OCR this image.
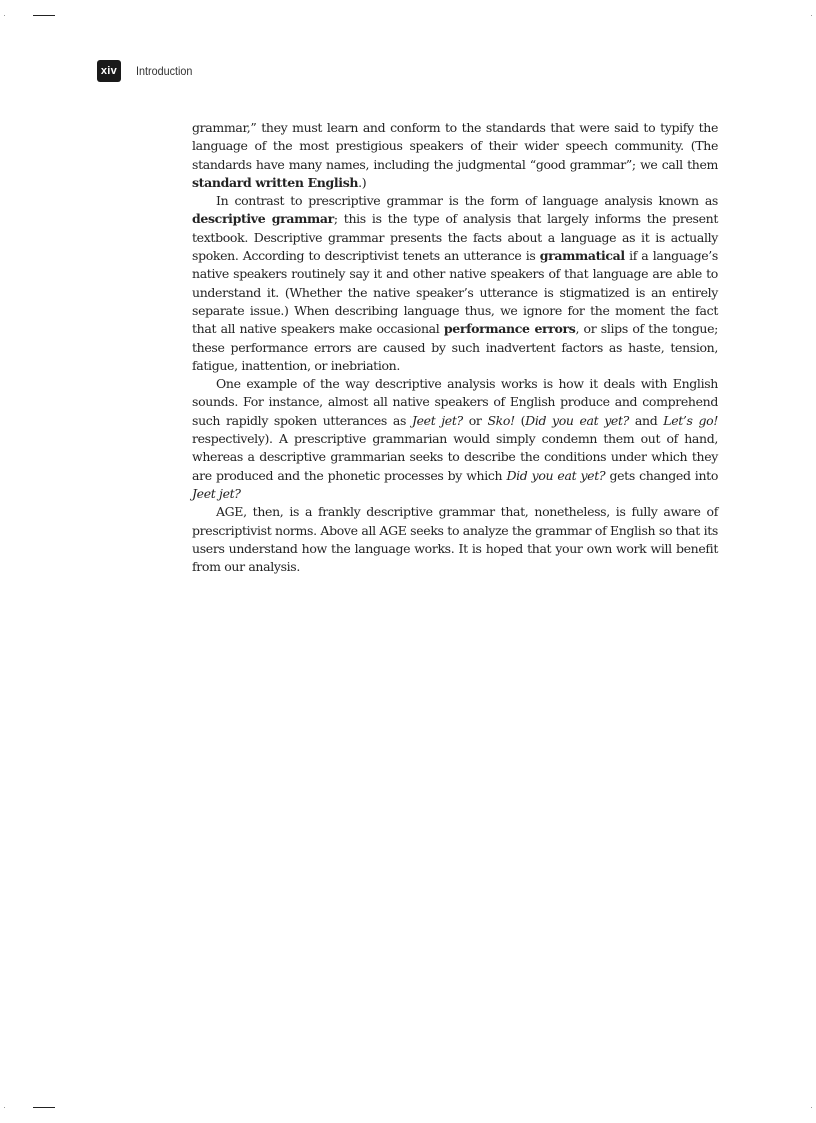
xiv	Introduction

grammar,” they must learn and conform to the standards that were said to typify the language of the most prestigious speakers of their wider speech community. (The standards have many names, including the judgmental “good grammar”; we call them standard written English.)

In contrast to prescriptive grammar is the form of language analysis known as descriptive grammar; this is the type of analysis that largely informs the present textbook. Descriptive grammar presents the facts about a language as it is actually spoken. According to descriptivist tenets an utterance is grammatical if a language’s native speakers routinely say it and other native speakers of that language are able to understand it. (Whether the native speaker’s utterance is stigmatized is an entirely separate issue.) When describing language thus, we ignore for the moment the fact that all native speakers make occasional performance errors, or slips of the tongue; these performance errors are caused by such inadvertent factors as haste, tension, fatigue, inattention, or inebriation.

One example of the way descriptive analysis works is how it deals with English sounds. For instance, almost all native speakers of English produce and comprehend such rapidly spoken utterances as Jeet jet? or Sko! (Did you eat yet? and Let’s go! respectively). A prescriptive grammarian would simply condemn them out of hand, whereas a descriptive grammarian seeks to describe the conditions under which they are produced and the phonetic processes by which Did you eat yet? gets changed into Jeet jet?

AGE, then, is a frankly descriptive grammar that, nonetheless, is fully aware of prescriptivist norms. Above all AGE seeks to analyze the grammar of English so that its users understand how the language works. It is hoped that your own work will benefit from our analysis.
